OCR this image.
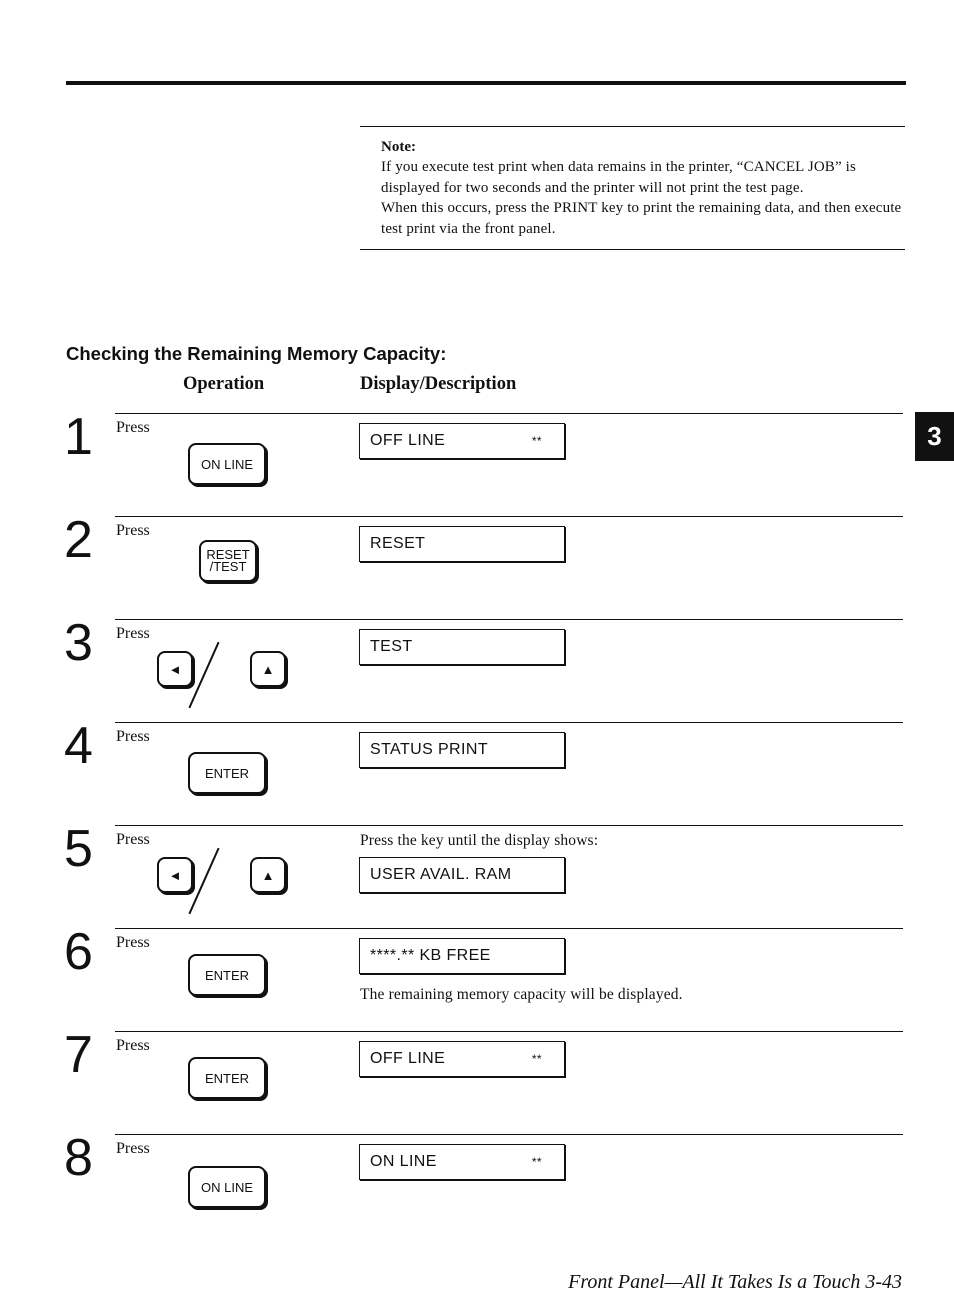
Note:
If you execute test print when data remains in the printer, “CANCEL JOB” is displayed for two seconds and the printer will not print the test page.
When this occurs, press the PRINT key to print the remaining data, and then execute test print via the front panel.
Checking the Remaining Memory Capacity:
Operation	Display/Description
3
1 Press
ON LINE
OFF LINE	**
2 Press
RESET
/TEST
RESET
3 Press
◄	▲
TEST
4 Press
ENTER
STATUS PRINT
5 Press
◄	▲
Press the key until the display shows:
USER AVAIL. RAM
6 Press
ENTER
****.** KB FREE
The remaining memory capacity will be displayed.
7 Press
ENTER
OFF LINE	**
8 Press
ON LINE
ON LINE	**
Front Panel—All It Takes Is a Touch 3-43
